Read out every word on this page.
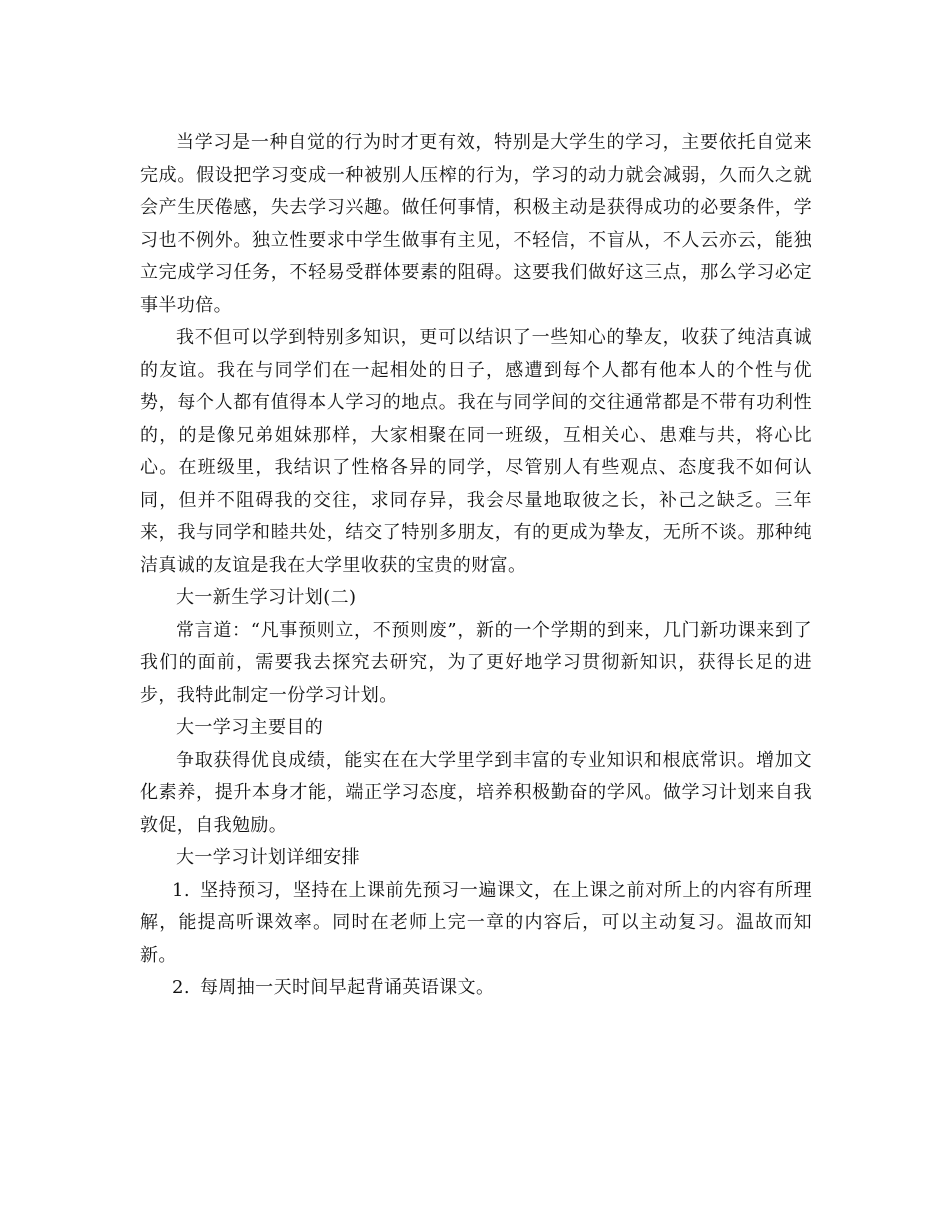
当学习是一种自觉的行为时才更有效，特别是大学生的学习，主要依托自觉来完成。假设把学习变成一种被别人压榨的行为，学习的动力就会减弱，久而久之就会产生厌倦感，失去学习兴趣。做任何事情，积极主动是获得成功的必要条件，学习也不例外。独立性要求中学生做事有主见，不轻信，不盲从，不人云亦云，能独立完成学习任务，不轻易受群体要素的阻碍。这要我们做好这三点，那么学习必定事半功倍。

我不但可以学到特别多知识，更可以结识了一些知心的挚友，收获了纯洁真诚的友谊。我在与同学们在一起相处的日子，感遭到每个人都有他本人的个性与优势，每个人都有值得本人学习的地点。我在与同学间的交往通常都是不带有功利性的，的是像兄弟姐妹那样，大家相聚在同一班级，互相关心、患难与共，将心比心。在班级里，我结识了性格各异的同学，尽管别人有些观点、态度我不如何认同，但并不阻碍我的交往，求同存异，我会尽量地取彼之长，补己之缺乏。三年来，我与同学和睦共处，结交了特别多朋友，有的更成为挚友，无所不谈。那种纯洁真诚的友谊是我在大学里收获的宝贵的财富。

大一新生学习计划(二)

常言道：“凡事预则立，不预则废”，新的一个学期的到来，几门新功课来到了我们的面前，需要我去探究去研究，为了更好地学习贯彻新知识，获得长足的进步，我特此制定一份学习计划。

大一学习主要目的

争取获得优良成绩，能实在在大学里学到丰富的专业知识和根底常识。增加文化素养，提升本身才能，端正学习态度，培养积极勤奋的学风。做学习计划来自我敦促，自我勉励。

大一学习计划详细安排

1. 坚持预习，坚持在上课前先预习一遍课文，在上课之前对所上的内容有所理解，能提高听课效率。同时在老师上完一章的内容后，可以主动复习。温故而知新。

2. 每周抽一天时间早起背诵英语课文。
